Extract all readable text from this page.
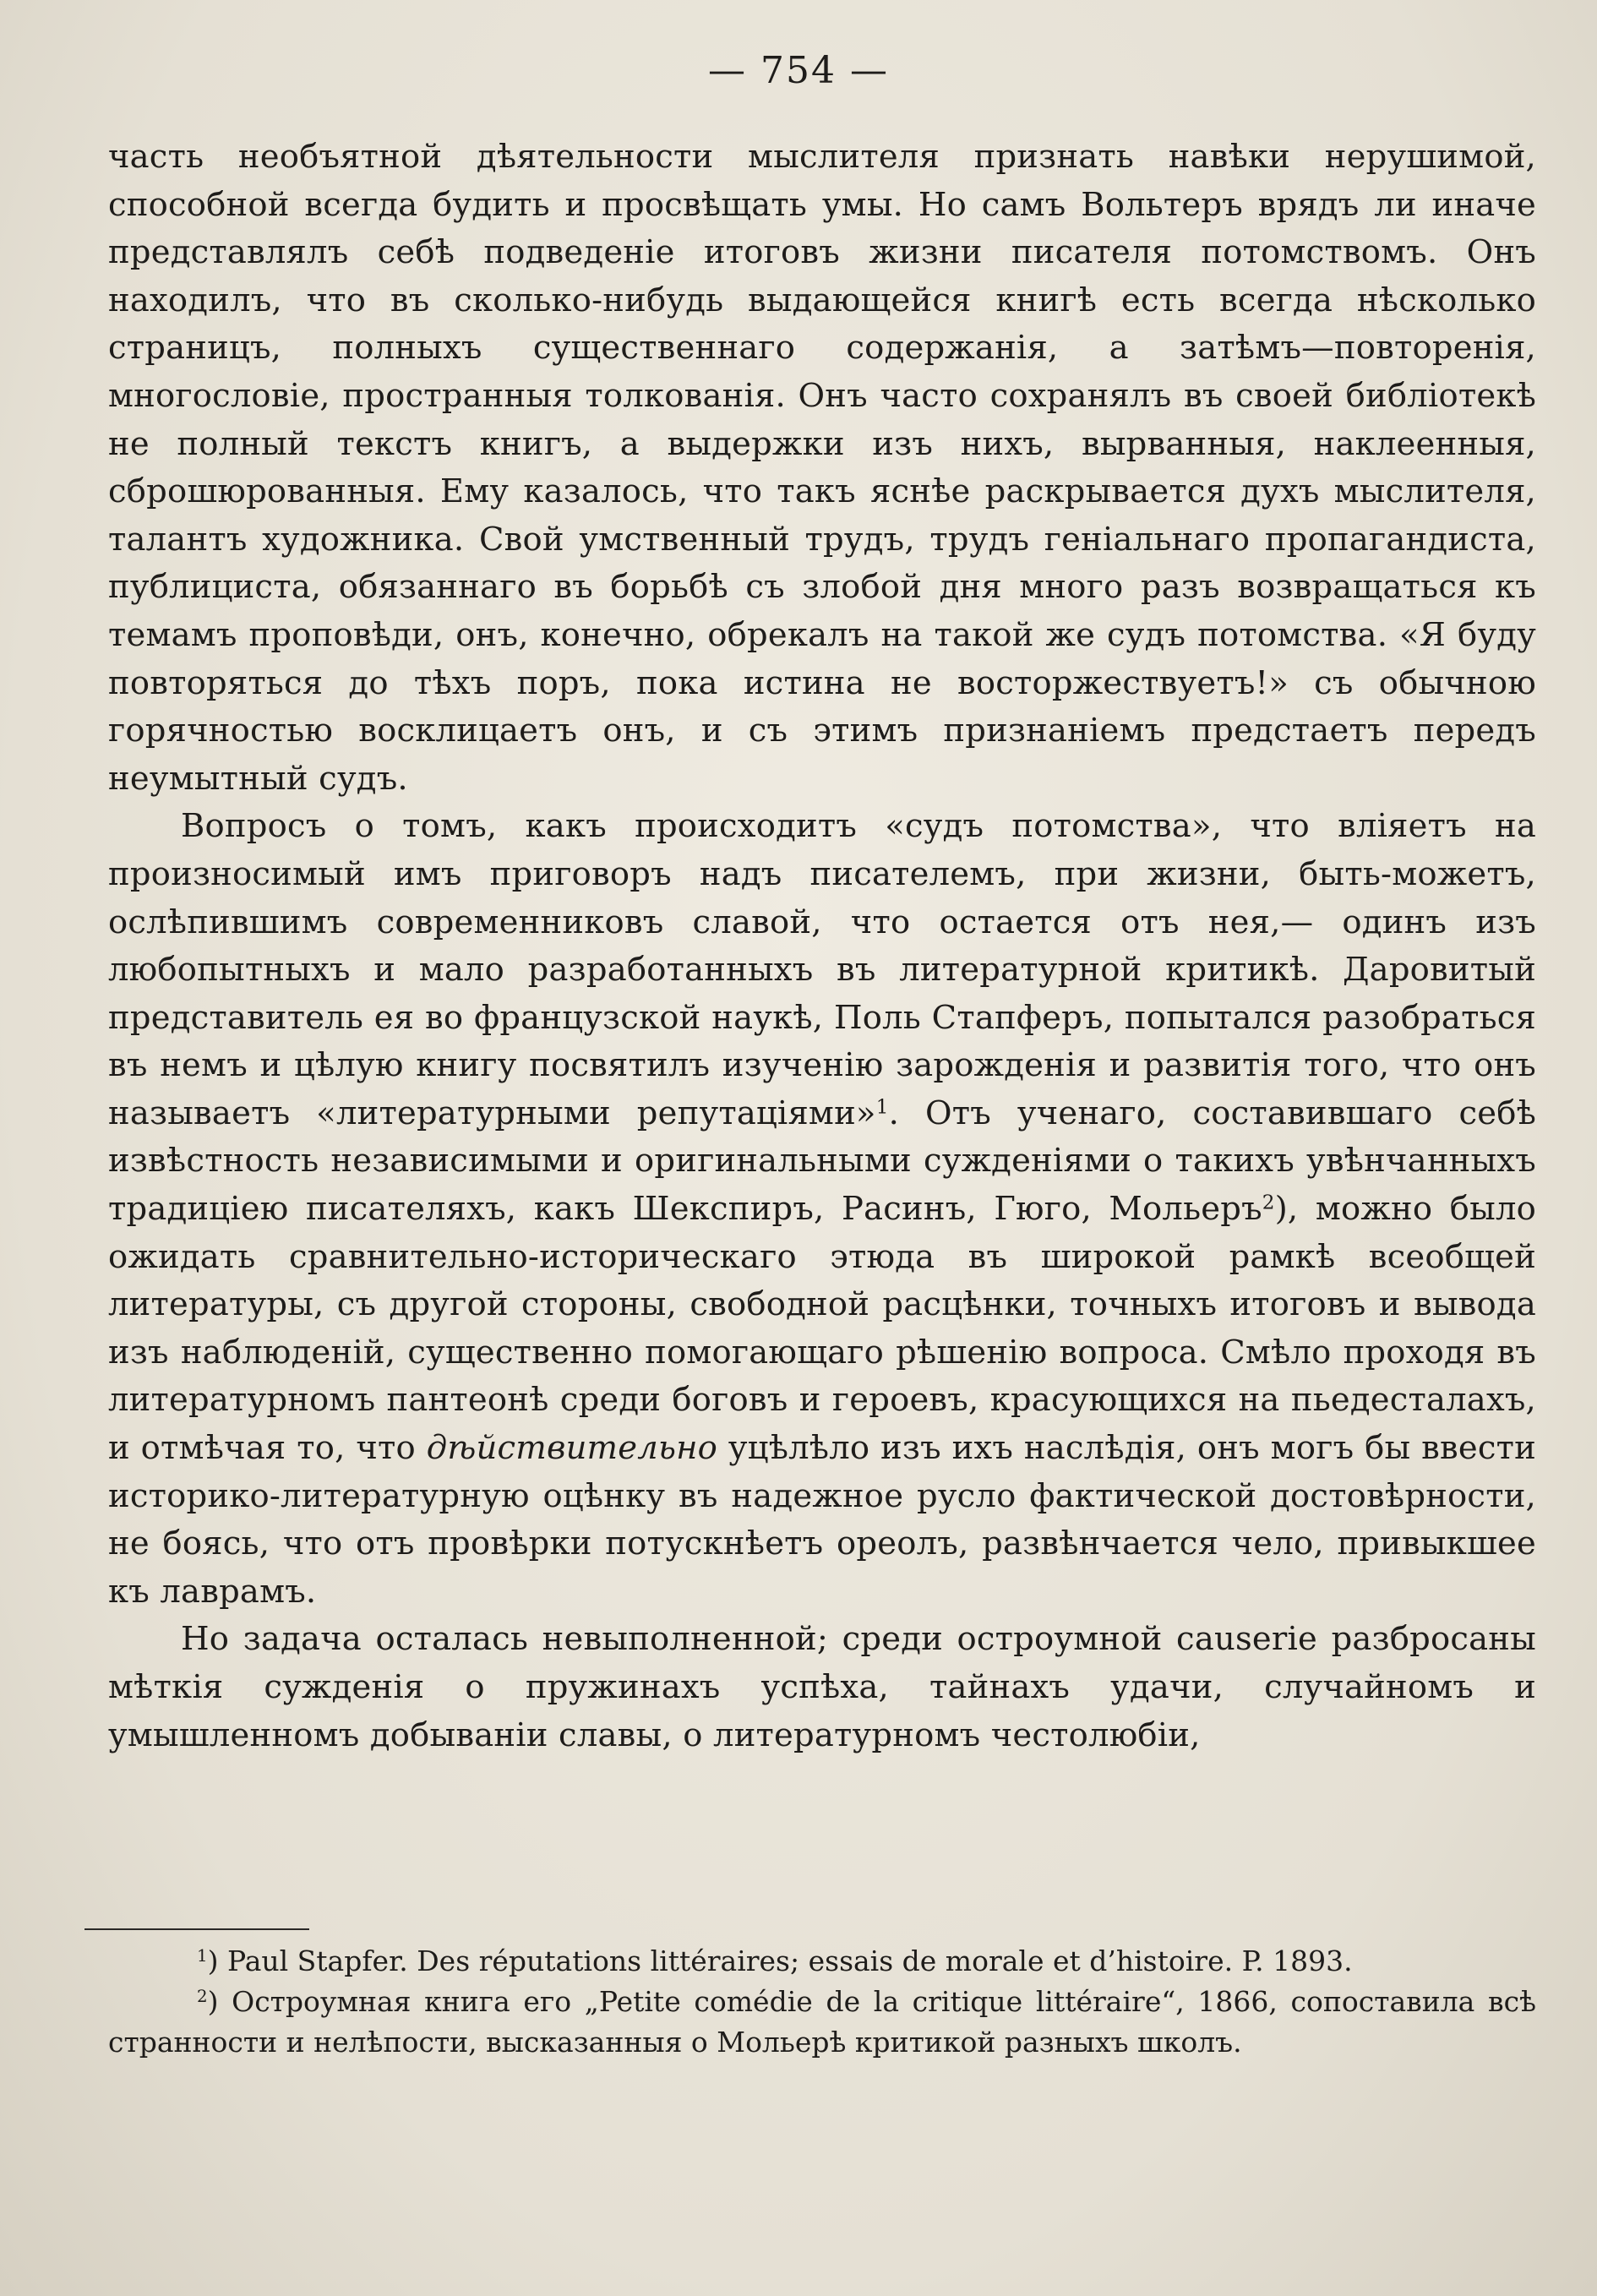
— 754 —

часть необъятной дѣятельности мыслителя признать навѣки нерушимой, способной всегда будить и просвѣщать умы. Но самъ Вольтеръ врядъ ли иначе представлялъ себѣ подведеніе итоговъ жизни писателя потомствомъ. Онъ находилъ, что въ сколько-нибудь выдающейся книгѣ есть всегда нѣсколько страницъ, полныхъ существеннаго содержанія, а затѣмъ—повторенія, многословіе, пространныя толкованія. Онъ часто сохранялъ въ своей библіотекѣ не полный текстъ книгъ, а выдержки изъ нихъ, вырванныя, наклеенныя, сброшюрованныя. Ему казалось, что такъ яснѣе раскрывается духъ мыслителя, талантъ художника. Свой умственный трудъ, трудъ геніальнаго пропагандиста, публициста, обязаннаго въ борьбѣ съ злобой дня много разъ возвращаться къ темамъ проповѣди, онъ, конечно, обрекалъ на такой же судъ потомства. «Я буду повторяться до тѣхъ поръ, пока истина не восторжествуетъ!» съ обычною горячностью восклицаетъ онъ, и съ этимъ признаніемъ предстаетъ передъ неумытный судъ.

Вопросъ о томъ, какъ происходитъ «судъ потомства», что вліяетъ на произносимый имъ приговоръ надъ писателемъ, при жизни, быть-можетъ, ослѣпившимъ современниковъ славой, что остается отъ нея,— одинъ изъ любопытныхъ и мало разработанныхъ въ литературной критикѣ. Даровитый представитель ея во французской наукѣ, Поль Стапферъ, попытался разобраться въ немъ и цѣлую книгу посвятилъ изученію зарожденія и развитія того, что онъ называетъ «литературными репутаціями»$^1$. Отъ ученаго, составившаго себѣ извѣстность независимыми и оригинальными сужденіями о такихъ увѣнчанныхъ традиціею писателяхъ, какъ Шекспиръ, Расинъ, Гюго, Мольеръ$^2$), можно было ожидать сравнительно-историческаго этюда въ широкой рамкѣ всеобщей литературы, съ другой стороны, свободной расцѣнки, точныхъ итоговъ и вывода изъ наблюденій, существенно помогающаго рѣшенію вопроса. Смѣло проходя въ литературномъ пантеонѣ среди боговъ и героевъ, красующихся на пьедесталахъ, и отмѣчая то, что дѣйствительно уцѣлѣло изъ ихъ наслѣдія, онъ могъ бы ввести историко-литературную оцѣнку въ надежное русло фактической достовѣрности, не боясь, что отъ провѣрки потускнѣетъ ореолъ, развѣнчается чело, привыкшее къ лаврамъ.

Но задача осталась невыполненной; среди остроумной causerie разбросаны мѣткія сужденія о пружинахъ успѣха, тайнахъ удачи, случайномъ и умышленномъ добываніи славы, о литературномъ честолюбіи,

$^1$) Paul Stapfer. Des réputations littéraires; essais de morale et d’histoire. P. 1893.

$^2$) Остроумная книга его „Petite comédie de la critique littéraire“, 1866, сопоставила всѣ странности и нелѣпости, высказанныя о Мольерѣ критикой разныхъ школъ.
